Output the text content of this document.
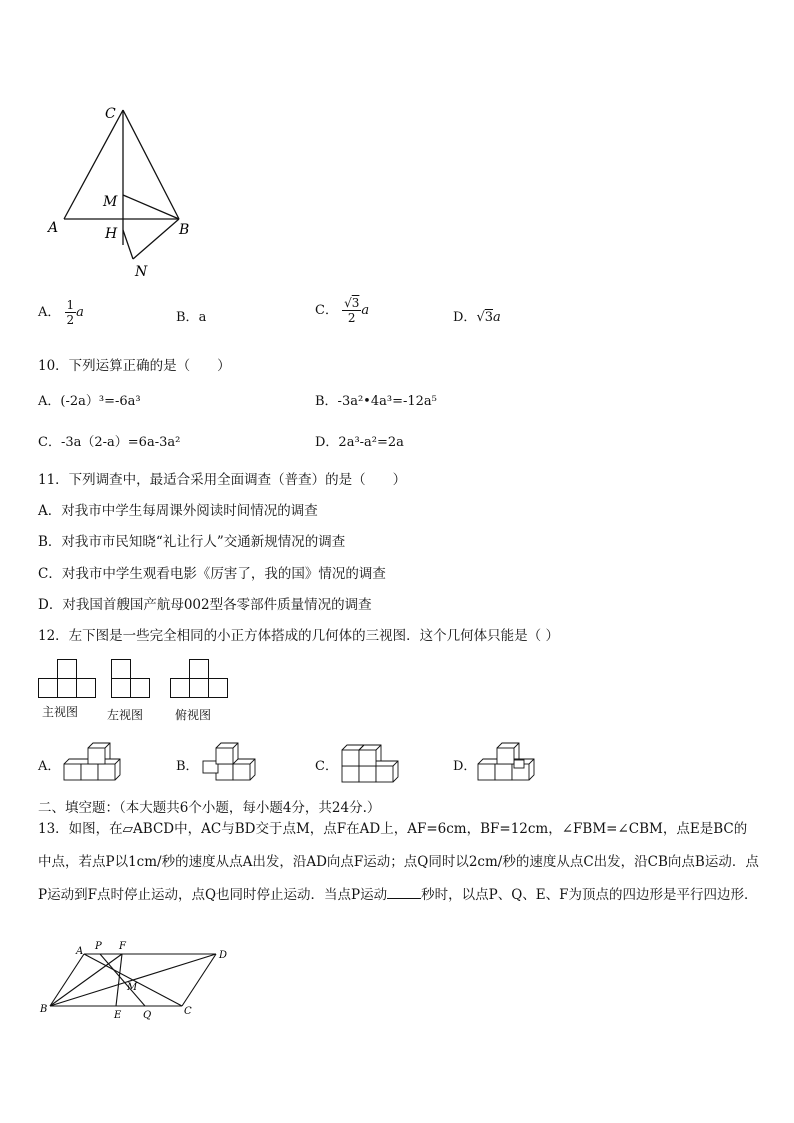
C
M
A	H	B
N
A． $\frac{1}{2}$ a	B．a	C． $\frac{√3}{2}$ a	D．√3a
10．下列运算正确的是（　　）
A．(-2a）³=-6a³	B．-3a²•4a³=-12a⁵
C．-3a（2-a）=6a-3a²	D．2a³-a²=2a
11．下列调查中，最适合采用全面调查（普查）的是（　　）
A．对我市中学生每周课外阅读时间情况的调查
B．对我市市民知晓“礼让行人”交通新规情况的调查
C．对我市中学生观看电影《厉害了，我的国》情况的调查
D．对我国首艘国产航母002型各零部件质量情况的调查
12．左下图是一些完全相同的小正方体搭成的几何体的三视图．这个几何体只能是（ ）
主视图 左视图	俯视图
A．	B．	C．	D．
二、填空题：（本大题共6个小题，每小题4分，共24分.）
13．如图，在▱ABCD中，AC与BD交于点M，点F在AD上，AF=6cm，BF=12cm，∠FBM=∠CBM，点E是BC的中点，若点P以1cm/秒的速度从点A出发，沿AD向点F运动；点Q同时以2cm/秒的速度从点C出发，沿CB向点B运动．点P运动到F点时停止运动，点Q也同时停止运动．当点P运动	秒时，以点P、Q、E、F为顶点的四边形是平行四边形．
A P F
D
M
B
E Q	C
